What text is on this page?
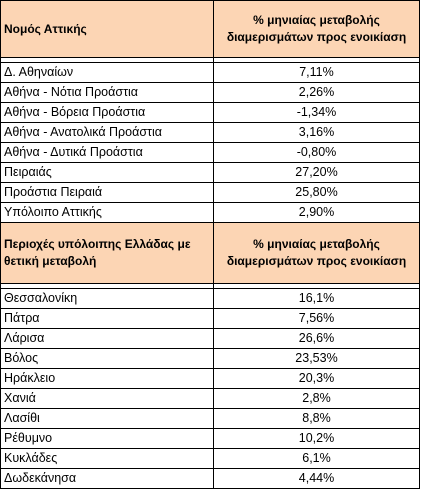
Νομός Αττικής	% μηνιαίας μεταβολής διαμερισμάτων προς ενοικίαση

Δ. Αθηναίων	7,11%
Αθήνα - Νότια Προάστια	2,26%
Αθήνα - Βόρεια Προάστια	-1,34%
Αθήνα - Ανατολικά Προάστια	3,16%
Αθήνα - Δυτικά Προάστια	-0,80%
Πειραιάς	27,20%
Προάστια Πειραιά	25,80%
Υπόλοιπο Αττικής	2,90%
Περιοχές υπόλοιπης Ελλάδας με θετική μεταβολή	% μηνιαίας μεταβολής διαμερισμάτων προς ενοικίαση

Θεσσαλονίκη	16,1%
Πάτρα	7,56%
Λάρισα	26,6%
Βόλος	23,53%
Ηράκλειο	20,3%
Χανιά	2,8%
Λασίθι	8,8%
Ρέθυμνο	10,2%
Κυκλάδες	6,1%
Δωδεκάνησα	4,44%
